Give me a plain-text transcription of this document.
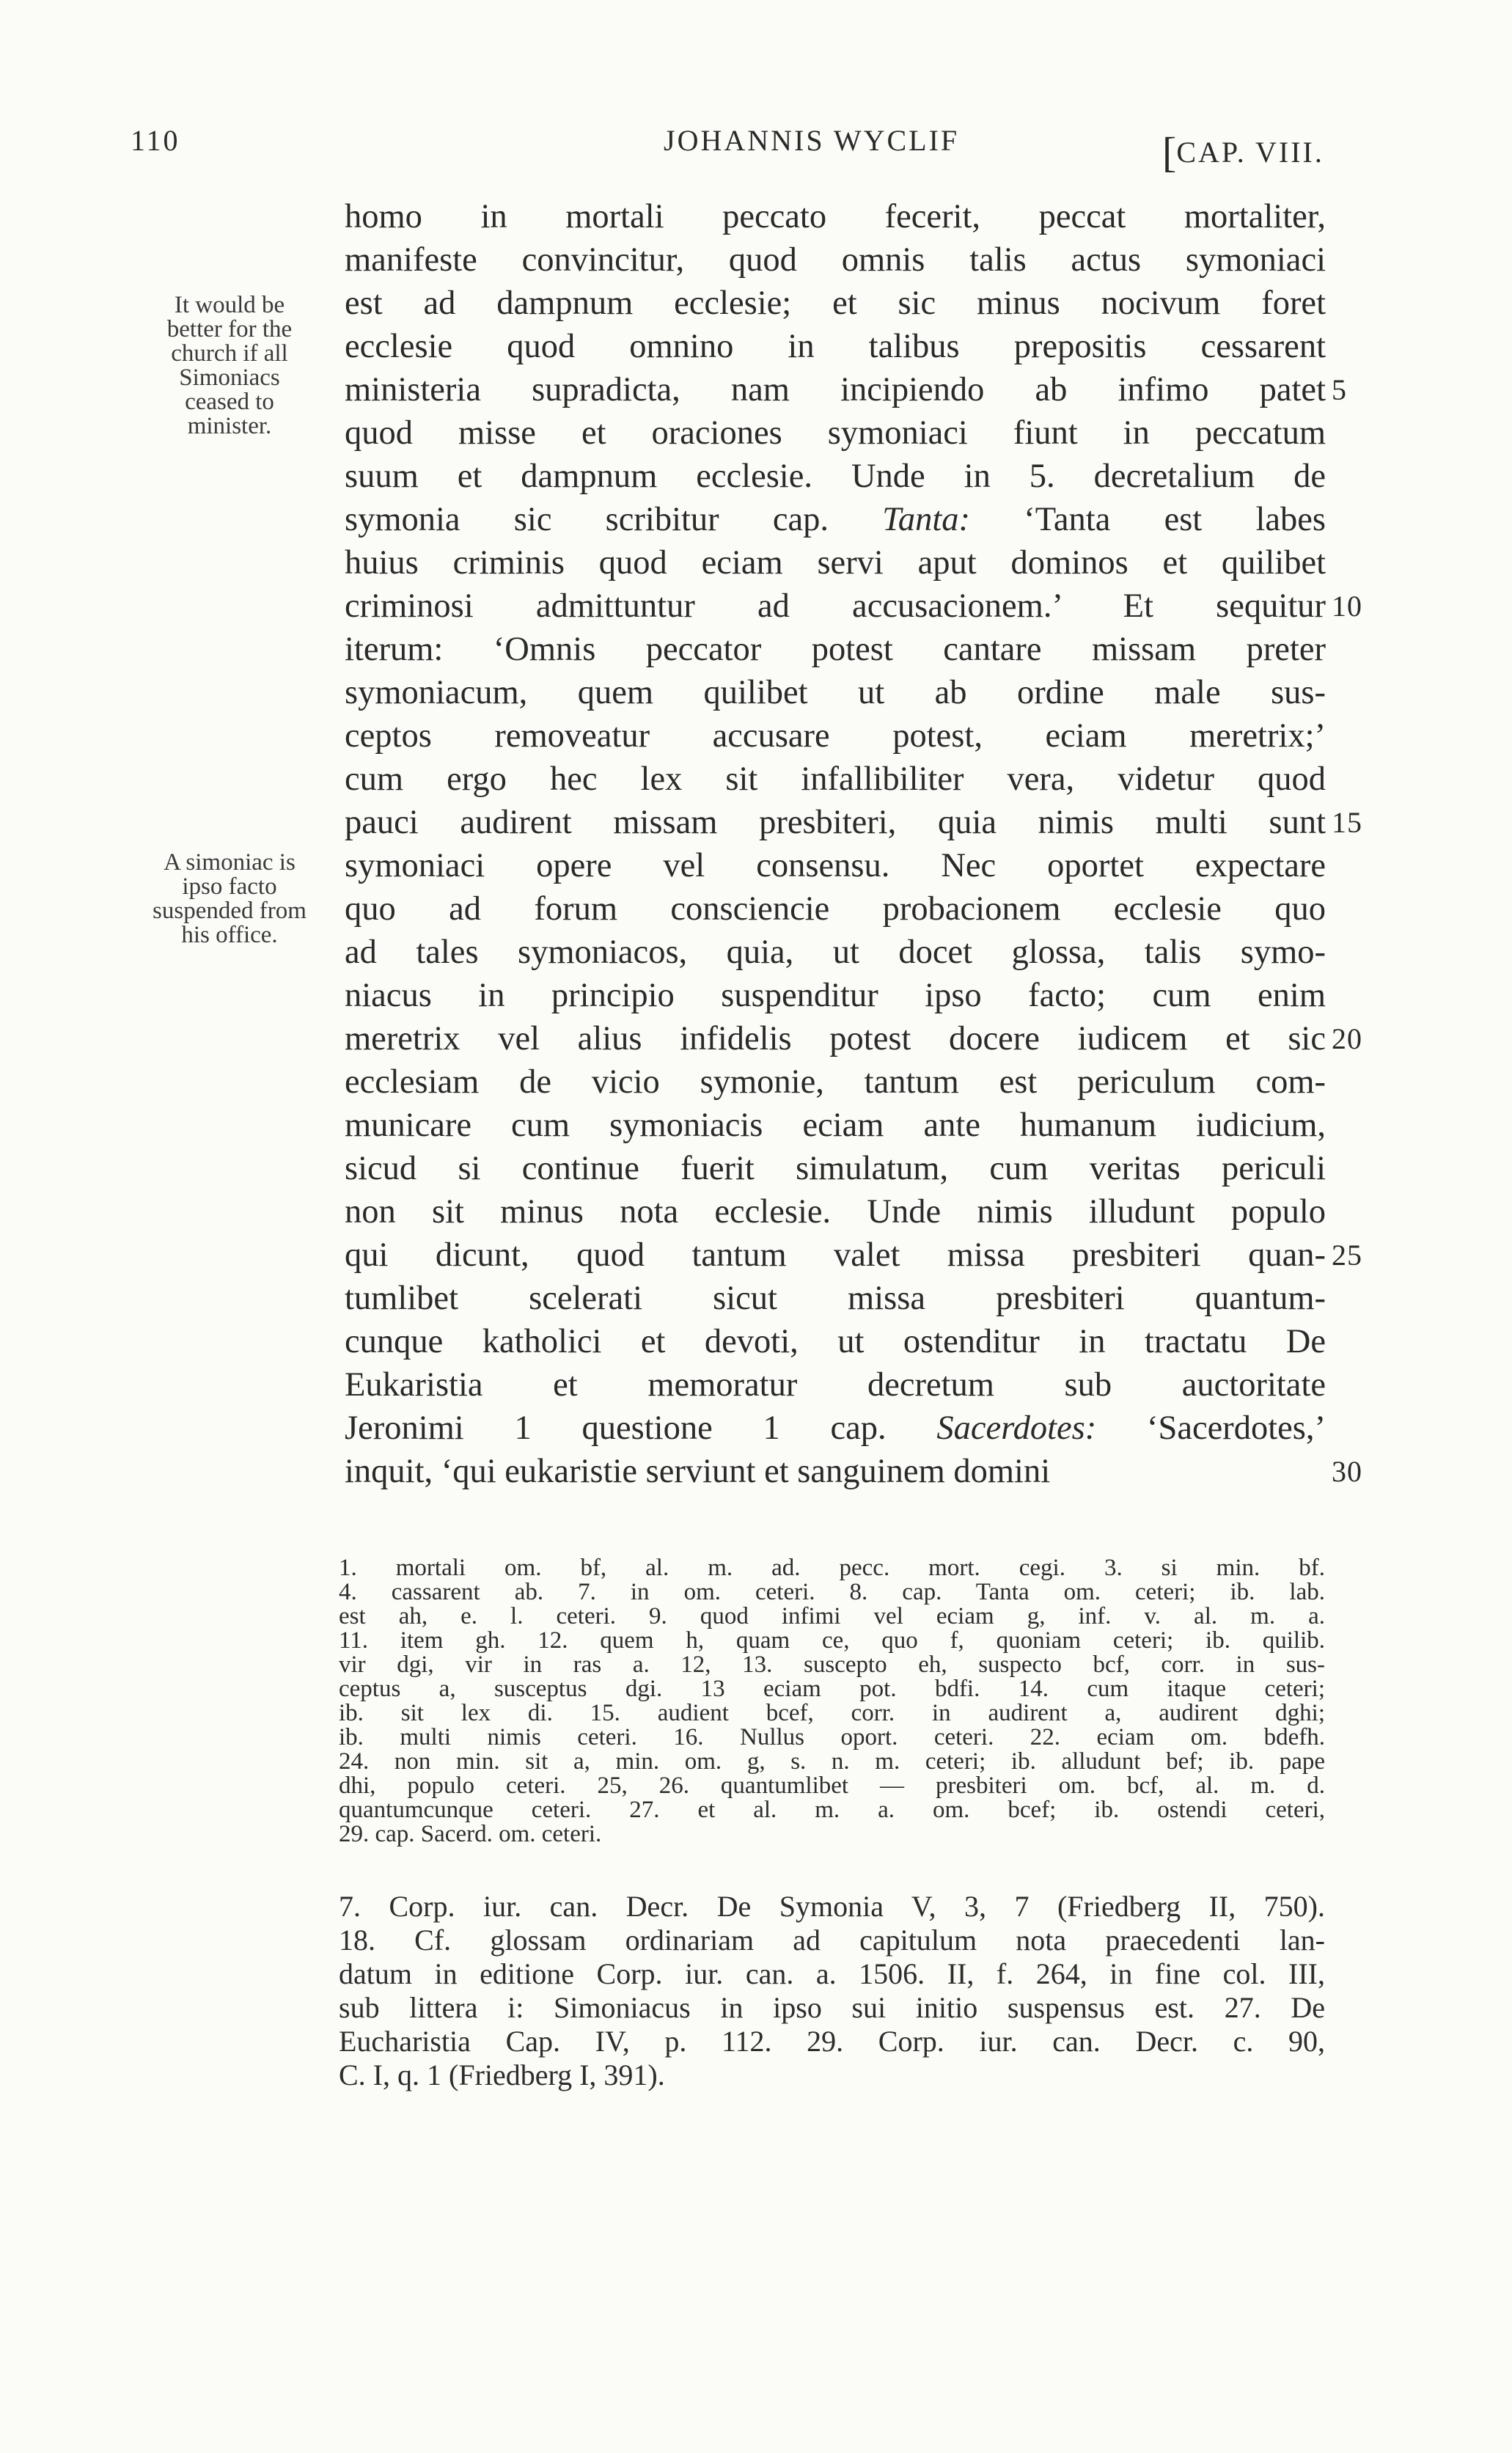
110	JOHANNIS WYCLIF	[CAP. VIII.
It would be
better for the
church if all
Simoniacs
ceased to
minister.
A simoniac is
ipso facto
suspended from
his office.
homo in mortali peccato fecerit, peccat mortaliter,
manifeste convincitur, quod omnis talis actus symoniaci
est ad dampnum ecclesie; et sic minus nocivum foret
ecclesie quod omnino in talibus prepositis cessarent
ministeria supradicta, nam incipiendo ab infimo patet 5
quod misse et oraciones symoniaci fiunt in peccatum
suum et dampnum ecclesie. Unde in 5. decretalium de
symonia sic scribitur cap. Tanta: ‘Tanta est labes
huius criminis quod eciam servi aput dominos et quilibet
criminosi admittuntur ad accusacionem.’ Et sequitur 10
iterum: ‘Omnis peccator potest cantare missam preter
symoniacum, quem quilibet ut ab ordine male sus-
ceptos removeatur accusare potest, eciam meretrix;’
cum ergo hec lex sit infallibiliter vera, videtur quod
pauci audirent missam presbiteri, quia nimis multi sunt 15
symoniaci opere vel consensu. Nec oportet expectare
quo ad forum consciencie probacionem ecclesie quo
ad tales symoniacos, quia, ut docet glossa, talis symo-
niacus in principio suspenditur ipso facto; cum enim
meretrix vel alius infidelis potest docere iudicem et sic 20
ecclesiam de vicio symonie, tantum est periculum com-
municare cum symoniacis eciam ante humanum iudicium,
sicud si continue fuerit simulatum, cum veritas periculi
non sit minus nota ecclesie. Unde nimis illudunt populo
qui dicunt, quod tantum valet missa presbiteri quan- 25
tumlibet scelerati sicut missa presbiteri quantum-
cunque katholici et devoti, ut ostenditur in tractatu De
Eukaristia et memoratur decretum sub auctoritate
Jeronimi 1 questione 1 cap. Sacerdotes: ‘Sacerdotes,’
inquit, ‘qui eukaristie serviunt et sanguinem domini	30
1. mortali om. bf, al. m. ad. pecc. mort. cegi. 3. si min. bf.
4. cassarent ab. 7. in om. ceteri. 8. cap. Tanta om. ceteri; ib. lab.
est ah, e. l. ceteri. 9. quod infimi vel eciam g, inf. v. al. m. a.
11. item gh. 12. quem h, quam ce, quo f, quoniam ceteri; ib. quilib.
vir dgi, vir in ras a. 12, 13. suscepto eh, suspecto bcf, corr. in sus-
ceptus a, susceptus dgi. 13 eciam pot. bdfi. 14. cum itaque ceteri;
ib. sit lex di. 15. audient bcef, corr. in audirent a, audirent dghi;
ib. multi nimis ceteri. 16. Nullus oport. ceteri. 22. eciam om. bdefh.
24. non min. sit a, min. om. g, s. n. m. ceteri; ib. alludunt bef; ib. pape
dhi, populo ceteri. 25, 26. quantumlibet — presbiteri om. bcf, al. m. d.
quantumcunque ceteri. 27. et al. m. a. om. bcef; ib. ostendi ceteri,
29. cap. Sacerd. om. ceteri.
7. Corp. iur. can. Decr. De Symonia V, 3, 7 (Friedberg II, 750).
18. Cf. glossam ordinariam ad capitulum nota praecedenti lan-
datum in editione Corp. iur. can. a. 1506. II, f. 264, in fine col. III,
sub littera i: Simoniacus in ipso sui initio suspensus est. 27. De
Eucharistia Cap. IV, p. 112. 29. Corp. iur. can. Decr. c. 90,
C. I, q. 1 (Friedberg I, 391).
